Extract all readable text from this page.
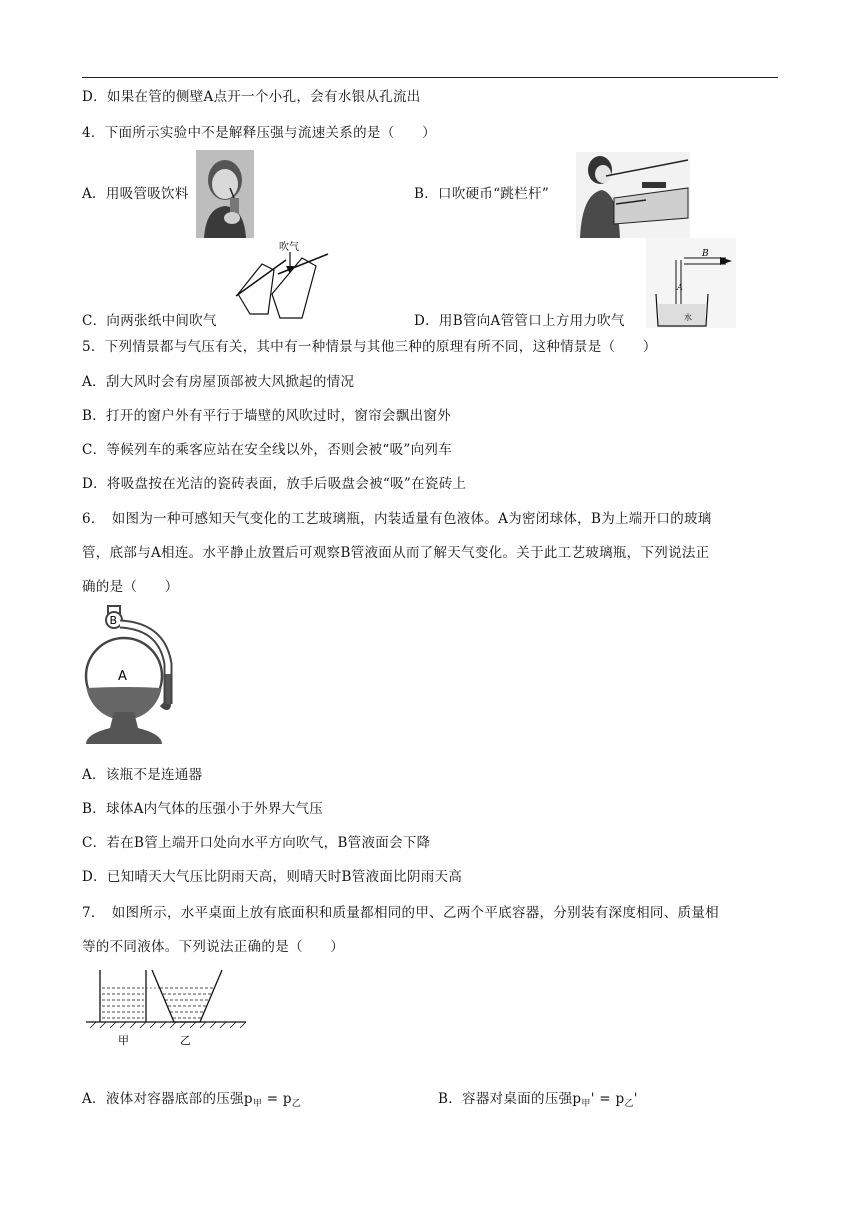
D．如果在管的侧壁A点开一个小孔，会有水银从孔流出
4．下面所示实验中不是解释压强与流速关系的是（　　）
A．用吸管吸饮料	B．口吹硬币“跳栏杆”
吹气
C．向两张纸中间吹气
B
A
水
D．用B管向A管管口上方用力吹气
5．下列情景都与气压有关，其中有一种情景与其他三种的原理有所不同，这种情景是（　　）
A．刮大风时会有房屋顶部被大风掀起的情况
B．打开的窗户外有平行于墙壁的风吹过时，窗帘会飘出窗外
C．等候列车的乘客应站在安全线以外，否则会被“吸”向列车
D．将吸盘按在光洁的瓷砖表面，放手后吸盘会被“吸”在瓷砖上
6．　如图为一种可感知天气变化的工艺玻璃瓶，内装适量有色液体。A为密闭球体，B为上端开口的玻璃
管，底部与A相连。水平静止放置后可观察B管液面从而了解天气变化。关于此工艺玻璃瓶，下列说法正
确的是（　　）
B
A
A．该瓶不是连通器
B．球体A内气体的压强小于外界大气压
C．若在B管上端开口处向水平方向吹气，B管液面会下降
D．已知晴天大气压比阴雨天高，则晴天时B管液面比阴雨天高
7．　如图所示，水平桌面上放有底面积和质量都相同的甲、乙两个平底容器，分别装有深度相同、质量相
等的不同液体。下列说法正确的是（　　）
甲	乙
A．液体对容器底部的压强$p_甲 = p_乙$	B．容器对桌面的压强$p_甲' = p_乙'$
